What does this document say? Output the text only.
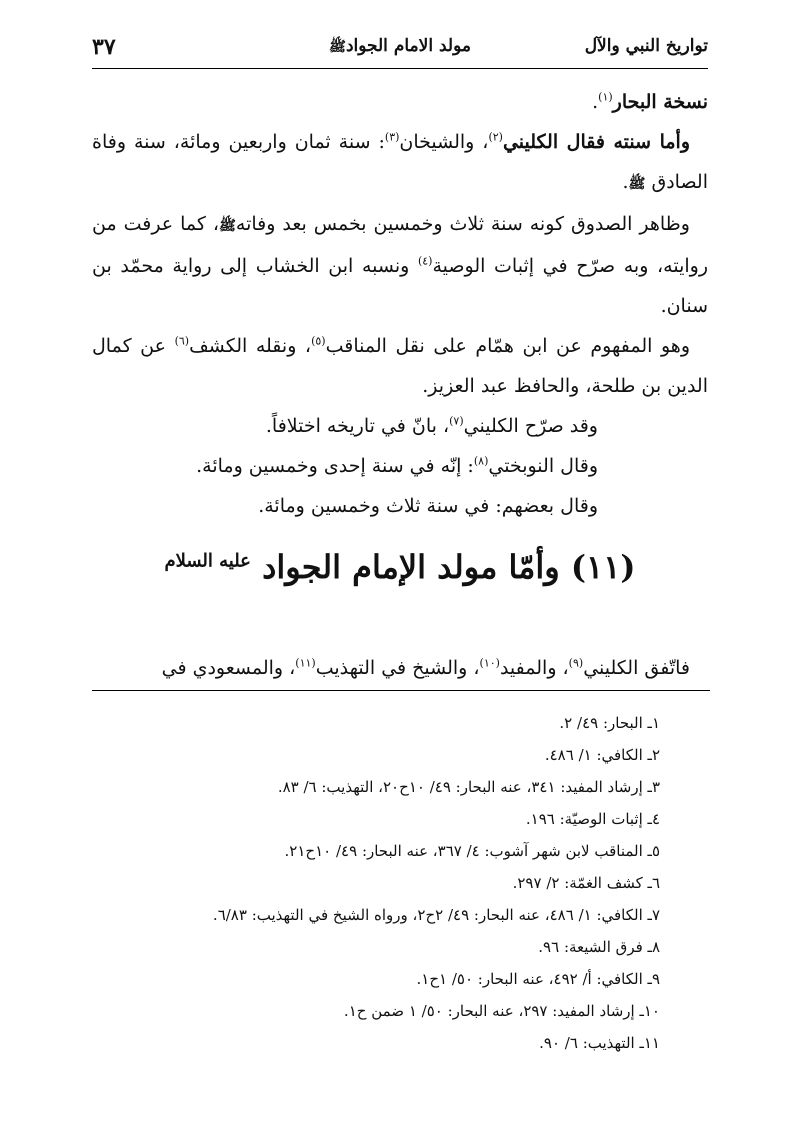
تواريخ النبي والآل
مولد الامام الجوادﷺ
٣٧

نسخة البحار$^{(١)}$.

وأما سنته فقال الكليني$^{(٢)}$، والشيخان$^{(٣)}$: سنة ثمان واربعين ومائة، سنة وفاة الصادق ﷺ.

وظاهر الصدوق كونه سنة ثلاث وخمسين بخمس بعد وفاتهﷺ، كما عرفت من روايته، وبه صرّح في إثبات الوصية$^{(٤)}$ ونسبه ابن الخشاب إلى رواية محمّد بن سنان.

وهو المفهوم عن ابن همّام على نقل المناقب$^{(٥)}$، ونقله الكشف$^{(٦)}$ عن كمال الدين بن طلحة، والحافظ عبد العزيز.

وقد صرّح الكليني$^{(٧)}$، بانّ في تاريخه اختلافاً.

وقال النوبختي$^{(٨)}$: إنّه في سنة إحدى وخمسين ومائة.

وقال بعضهم: في سنة ثلاث وخمسين ومائة.

(١١) وأمّا مولد الإمام الجواد $^{عليه السلام}$

فاتّفق الكليني$^{(٩)}$، والمفيد$^{(١٠)}$، والشيخ في التهذيب$^{(١١)}$، والمسعودي في

١ـ البحار: ٤٩/ ٢.
٢ـ الكافي: ١/ ٤٨٦.
٣ـ إرشاد المفيد: ٣٤١، عنه البحار: ٤٩/ ١٠ح٢٠، التهذيب: ٦/ ٨٣.
٤ـ إثبات الوصيّة: ١٩٦.
٥ـ المناقب لابن شهر آشوب: ٤/ ٣٦٧، عنه البحار: ٤٩/ ١٠ح٢١.
٦ـ كشف الغمّة: ٢/ ٢٩٧.
٧ـ الكافي: ١/ ٤٨٦، عنه البحار: ٤٩/ ٢ح٢، ورواه الشيخ في التهذيب: ٦/٨٣.
٨ـ فرق الشيعة: ٩٦.
٩ـ الكافي: أ/ ٤٩٢، عنه البحار: ٥٠/ ١ح١.
١٠ـ إرشاد المفيد: ٢٩٧، عنه البحار: ٥٠/ ١ ضمن ح١.
١١ـ التهذيب: ٦/ ٩٠.
